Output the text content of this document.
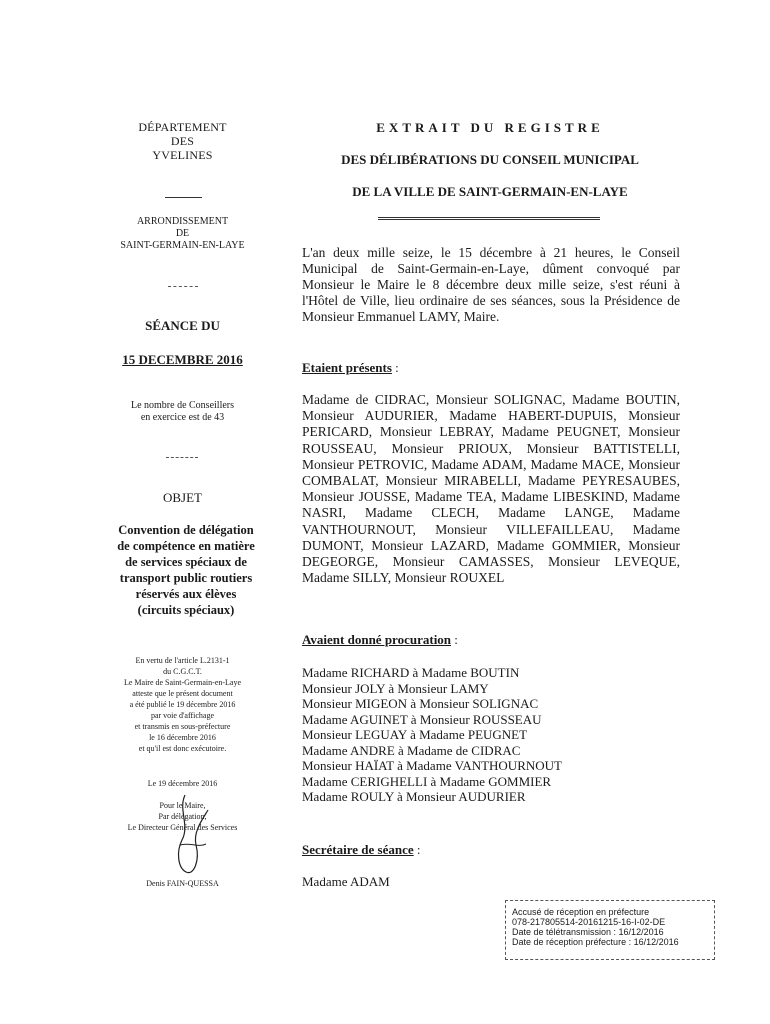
DÉPARTEMENT
DES
YVELINES
ARRONDISSEMENT
DE
SAINT-GERMAIN-EN-LAYE
SÉANCE DU
15 DECEMBRE 2016
Le nombre de Conseillers
en exercice est de 43
OBJET
Convention de délégation
de compétence en matière
de services spéciaux de
transport public routiers
réservés aux élèves
(circuits spéciaux)
En vertu de l'article L.2131-1
du C.G.C.T.
Le Maire de Saint-Germain-en-Laye
atteste que le présent document
a été publié le 19 décembre 2016
par voie d'affichage
et transmis en sous-préfecture
le 16 décembre 2016
et qu'il est donc exécutoire.
Le 19 décembre 2016
Pour le Maire,
Par délégation,
Le Directeur Général des Services
Denis FAIN-QUESSA
EXTRAIT DU REGISTRE
DES DÉLIBÉRATIONS DU CONSEIL MUNICIPAL
DE LA VILLE DE SAINT-GERMAIN-EN-LAYE
L'an deux mille seize, le 15 décembre à 21 heures, le Conseil Municipal de Saint-Germain-en-Laye, dûment convoqué par Monsieur le Maire le 8 décembre deux mille seize, s'est réuni à l'Hôtel de Ville, lieu ordinaire de ses séances, sous la Présidence de Monsieur Emmanuel LAMY, Maire.
Etaient présents :
Madame de CIDRAC, Monsieur SOLIGNAC, Madame BOUTIN, Monsieur AUDURIER, Madame HABERT-DUPUIS, Monsieur PERICARD, Monsieur LEBRAY, Madame PEUGNET, Monsieur ROUSSEAU, Monsieur PRIOUX, Monsieur BATTISTELLI, Monsieur PETROVIC, Madame ADAM, Madame MACE, Monsieur COMBALAT, Monsieur MIRABELLI, Madame PEYRESAUBES, Monsieur JOUSSE, Madame TEA, Madame LIBESKIND, Madame NASRI, Madame CLECH, Madame LANGE, Madame VANTHOURNOUT, Monsieur VILLEFAILLEAU, Madame DUMONT, Monsieur LAZARD, Madame GOMMIER, Monsieur DEGEORGE, Monsieur CAMASSES, Monsieur LEVEQUE, Madame SILLY, Monsieur ROUXEL
Avaient donné procuration :
Madame RICHARD à Madame BOUTIN
Monsieur JOLY à Monsieur LAMY
Monsieur MIGEON à Monsieur SOLIGNAC
Madame AGUINET à Monsieur ROUSSEAU
Monsieur LEGUAY à Madame PEUGNET
Madame ANDRE à Madame de CIDRAC
Monsieur HAÏAT à Madame VANTHOURNOUT
Madame CERIGHELLI à Madame GOMMIER
Madame ROULY à Monsieur AUDURIER
Secrétaire de séance :
Madame ADAM
Accusé de réception en préfecture
078-217805514-20161215-16-I-02-DE
Date de télétransmission : 16/12/2016
Date de réception préfecture : 16/12/2016
